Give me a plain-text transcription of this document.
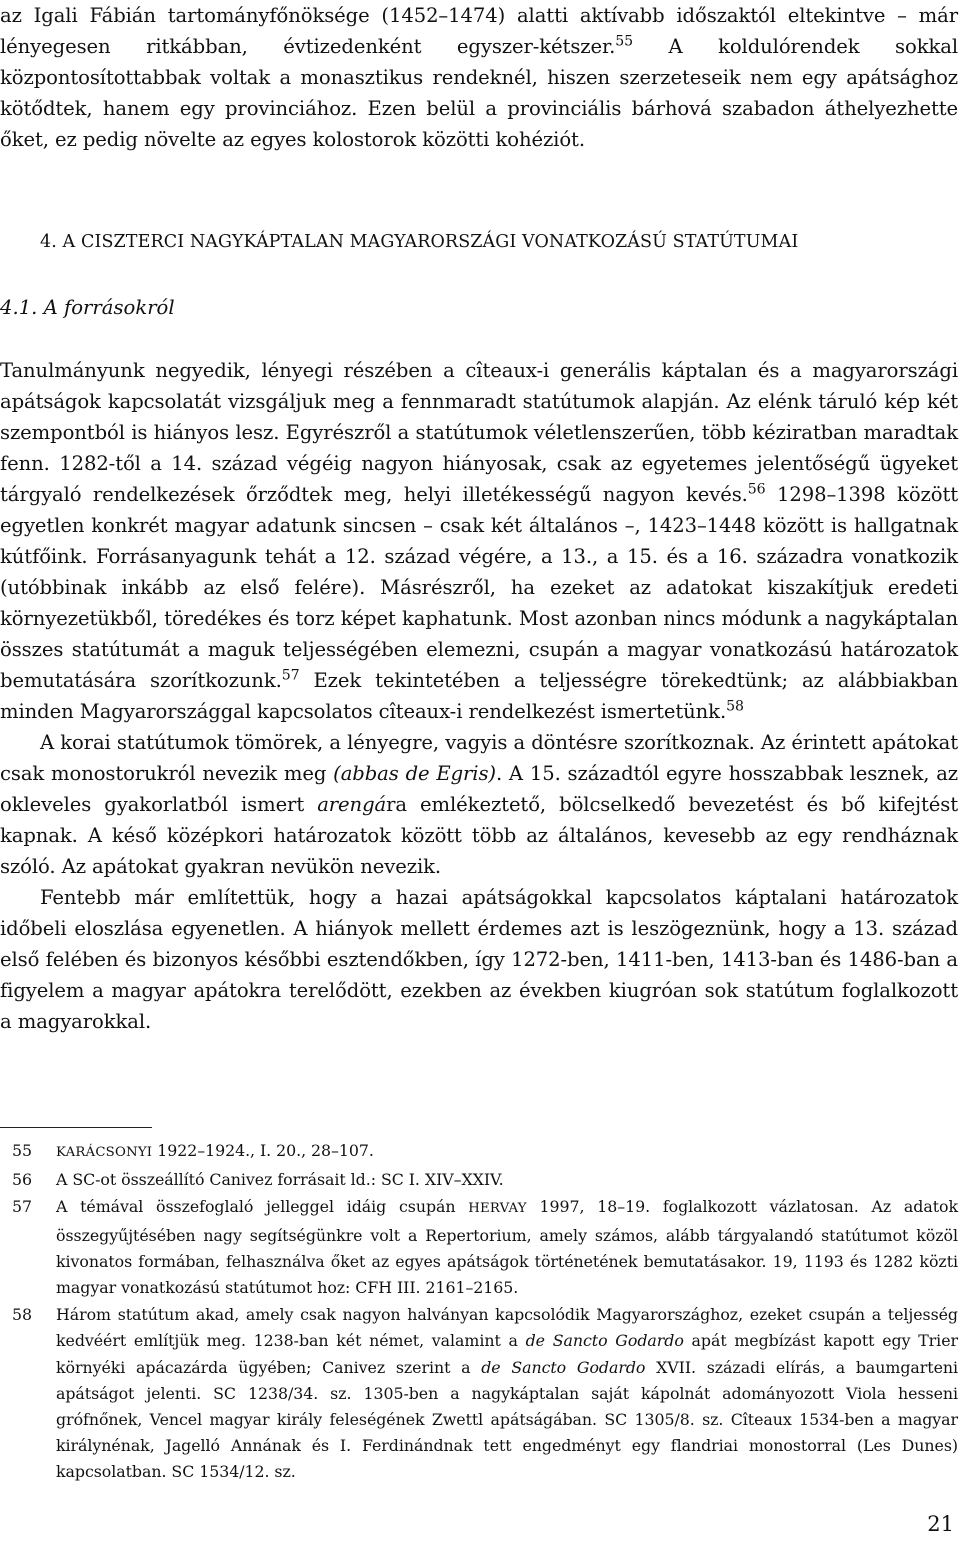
az Igali Fábián tartományfőnöksége (1452–1474) alatti aktívabb időszaktól eltekintve – már lényegesen ritkábban, évtizedenként egyszer-kétszer.$^{55}$ A koldulórendek sokkal központosítottabbak voltak a monasztikus rendeknél, hiszen szerzeteseik nem egy apátsághoz kötődtek, hanem egy provinciához. Ezen belül a provinciális bárhová szabadon áthelyezhette őket, ez pedig növelte az egyes kolostorok közötti kohéziót.

4. A CISZTERCI NAGYKÁPTALAN MAGYARORSZÁGI VONATKOZÁSÚ STATÚTUMAI
4.1. A forrásokról

Tanulmányunk negyedik, lényegi részében a cîteaux-i generális káptalan és a magyarországi apátságok kapcsolatát vizsgáljuk meg a fennmaradt statútumok alapján. Az elénk táruló kép két szempontból is hiányos lesz. Egyrészről a statútumok véletlenszerűen, több kéziratban maradtak fenn. 1282-től a 14. század végéig nagyon hiányosak, csak az egyetemes jelentőségű ügyeket tárgyaló rendelkezések őrződtek meg, helyi illetékességű nagyon kevés.$^{56}$ 1298–1398 között egyetlen konkrét magyar adatunk sincsen – csak két általános –, 1423–1448 között is hallgatnak kútfőink. Forrásanyagunk tehát a 12. század végére, a 13., a 15. és a 16. századra vonatkozik (utóbbinak inkább az első felére). Másrészről, ha ezeket az adatokat kiszakítjuk eredeti környezetükből, töredékes és torz képet kaphatunk. Most azonban nincs módunk a nagykáptalan összes statútumát a maguk teljességében elemezni, csupán a magyar vonatkozású határozatok bemutatására szorítkozunk.$^{57}$ Ezek tekintetében a teljességre törekedtünk; az alábbiakban minden Magyarországgal kapcsolatos cîteaux-i rendelkezést ismertetünk.$^{58}$

A korai statútumok tömörek, a lényegre, vagyis a döntésre szorítkoznak. Az érintett apátokat csak monostorukról nevezik meg (abbas de Egris). A 15. századtól egyre hosszabbak lesznek, az okleveles gyakorlatból ismert arengára emlékeztető, bölcselkedő bevezetést és bő kifejtést kapnak. A késő középkori határozatok között több az általános, kevesebb az egy rendháznak szóló. Az apátokat gyakran nevükön nevezik.

Fentebb már említettük, hogy a hazai apátságokkal kapcsolatos káptalani határozatok időbeli eloszlása egyenetlen. A hiányok mellett érdemes azt is leszögeznünk, hogy a 13. század első felében és bizonyos későbbi esztendőkben, így 1272-ben, 1411-ben, 1413-ban és 1486-ban a figyelem a magyar apátokra terelődött, ezekben az években kiugróan sok statútum foglalkozott a magyarokkal.

55 KARÁCSONYI 1922–1924., I. 20., 28–107.

56 A SC-ot összeállító Canivez forrásait ld.: SC I. XIV–XXIV.

57 A témával összefoglaló jelleggel idáig csupán HERVAY 1997, 18–19. foglalkozott vázlatosan. Az adatok összegyűjtésében nagy segítségünkre volt a Repertorium, amely számos, alább tárgyalandó statútumot közöl kivonatos formában, felhasználva őket az egyes apátságok történetének bemutatásakor. 19, 1193 és 1282 közti magyar vonatkozású statútumot hoz: CFH III. 2161–2165.

58 Három statútum akad, amely csak nagyon halványan kapcsolódik Magyarországhoz, ezeket csupán a teljesség kedvéért említjük meg. 1238-ban két német, valamint a de Sancto Godardo apát megbízást kapott egy Trier környéki apácazárda ügyében; Canivez szerint a de Sancto Godardo XVII. századi elírás, a baumgarteni apátságot jelenti. SC 1238/34. sz. 1305-ben a nagykáptalan saját kápolnát adományozott Viola hesseni grófnőnek, Vencel magyar király feleségének Zwettl apátságában. SC 1305/8. sz. Cîteaux 1534-ben a magyar királynénak, Jagelló Annának és I. Ferdinándnak tett engedményt egy flandriai monostorral (Les Dunes) kapcsolatban. SC 1534/12. sz.

21
